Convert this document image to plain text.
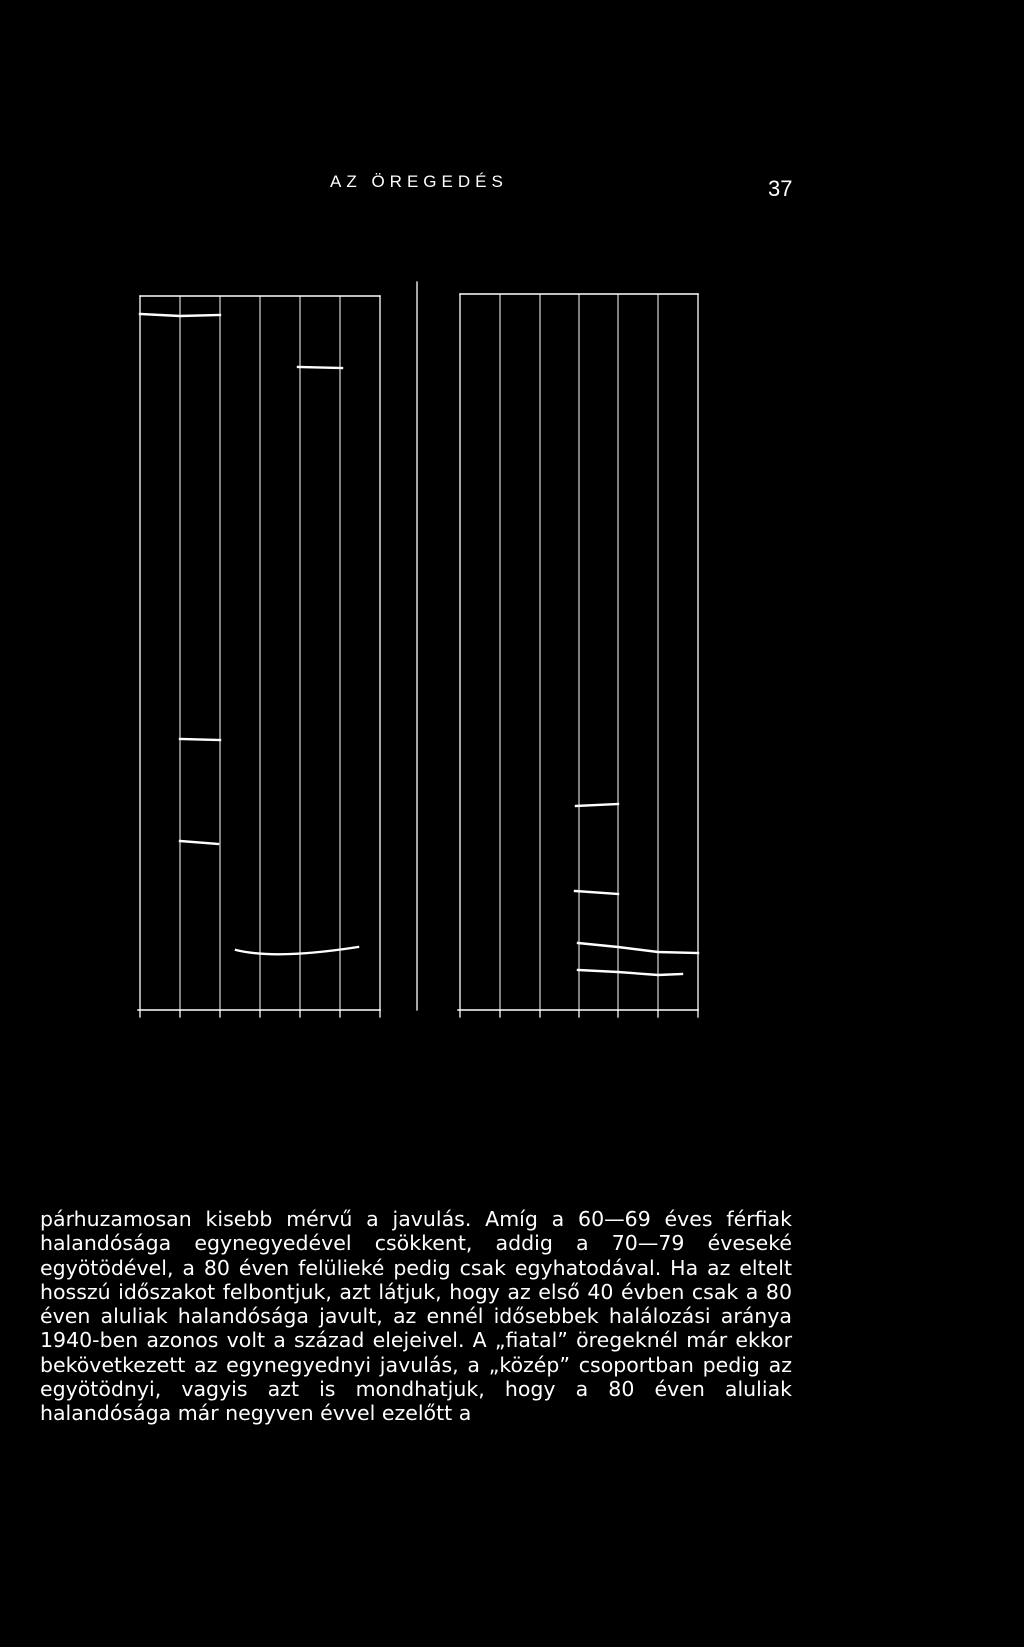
AZ ÖREGEDÉS	37

párhuzamosan kisebb mérvű a javulás. Amíg a 60—69 éves férfiak halandósága egynegyedével csökkent, addig a 70—79 éveseké egyötödével, a 80 éven felülieké pedig csak egyhatodával. Ha az eltelt hosszú időszakot felbontjuk, azt látjuk, hogy az első 40 évben csak a 80 éven aluliak halandósága javult, az ennél idősebbek halálozási aránya 1940-ben azonos volt a század elejeivel. A „fiatal” öregeknél már ekkor bekövetkezett az egynegyednyi javulás, a „közép” csoportban pedig az egyötödnyi, vagyis azt is mondhatjuk, hogy a 80 éven aluliak halandósága már negyven évvel ezelőtt a
